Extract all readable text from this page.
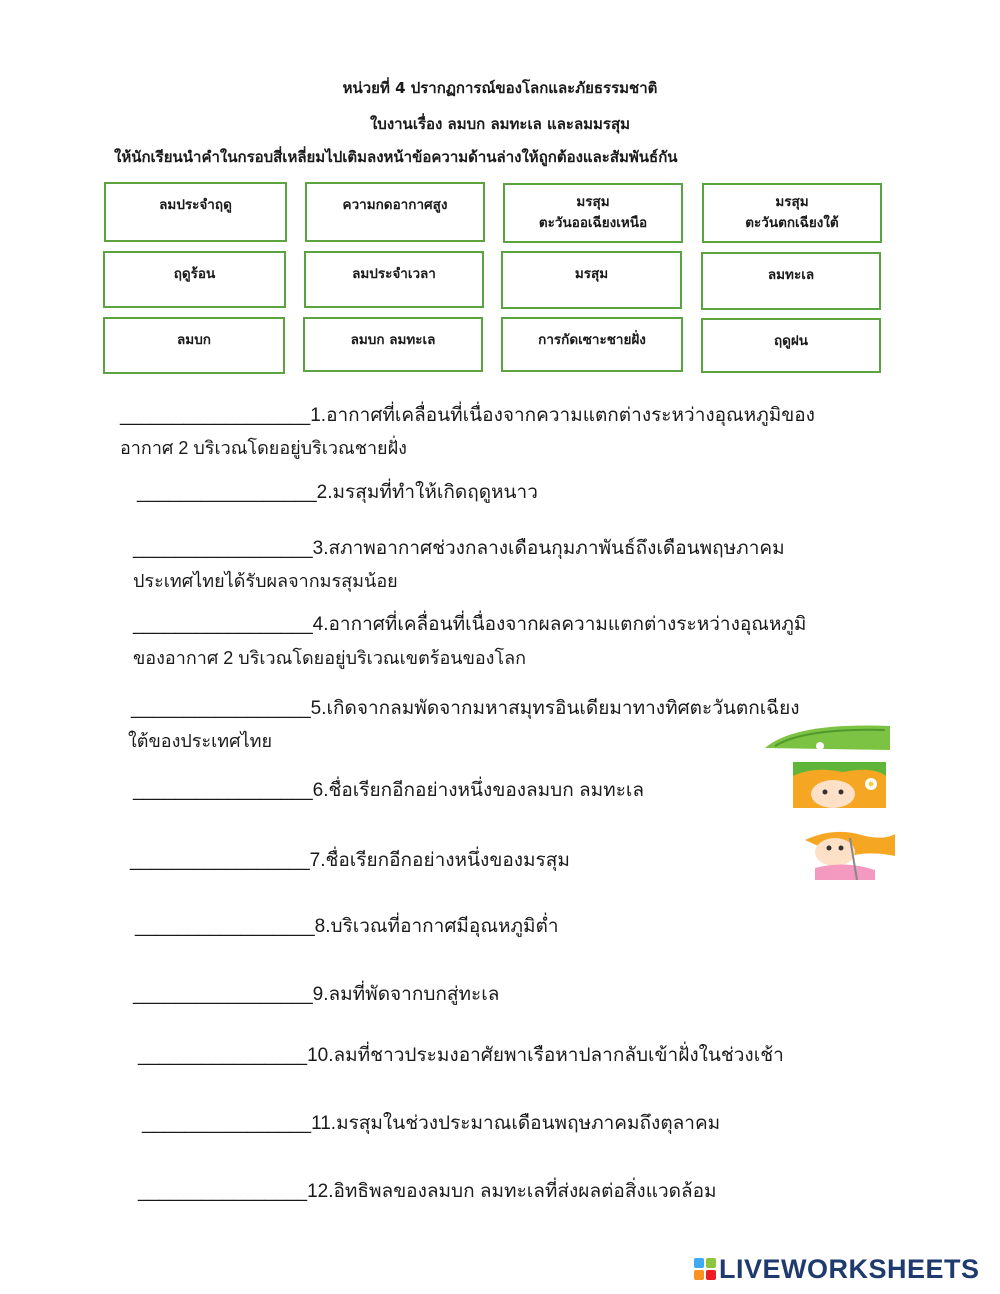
หน่วยที่ 4 ปรากฏการณ์ของโลกและภัยธรรมชาติ
ใบงานเรื่อง ลมบก ลมทะเล และลมมรสุม
ให้นักเรียนนำคำในกรอบสี่เหลี่ยมไปเติมลงหน้าข้อความด้านล่างให้ถูกต้องและสัมพันธ์กัน
ลมประจำฤดู	ความกดอากาศสูง	มรสุม
ตะวันออเฉียงเหนือ
มรสุม
ตะวันตกเฉียงใต้
ฤดูร้อน	ลมประจำเวลา	มรสุม	ลมทะเล
ลมบก	ลมบก ลมทะเล	การกัดเซาะชายฝั่ง	ฤดูฝน
__________________1.อากาศที่เคลื่อนที่เนื่องจากความแตกต่างระหว่างอุณหภูมิของ
อากาศ 2 บริเวณโดยอยู่บริเวณชายฝั่ง
_________________2.มรสุมที่ทำให้เกิดฤดูหนาว
_________________3.สภาพอากาศช่วงกลางเดือนกุมภาพันธ์ถึงเดือนพฤษภาคม
ประเทศไทยได้รับผลจากมรสุมน้อย
_________________4.อากาศที่เคลื่อนที่เนื่องจากผลความแตกต่างระหว่างอุณหภูมิ
ของอากาศ 2 บริเวณโดยอยู่บริเวณเขตร้อนของโลก
_________________5.เกิดจากลมพัดจากมหาสมุทรอินเดียมาทางทิศตะวันตกเฉียง
ใต้ของประเทศไทย
_________________6.ชื่อเรียกอีกอย่างหนึ่งของลมบก ลมทะเล
_________________7.ชื่อเรียกอีกอย่างหนึ่งของมรสุม
_________________8.บริเวณที่อากาศมีอุณหภูมิต่ำ
_________________9.ลมที่พัดจากบกสู่ทะเล
________________10.ลมที่ชาวประมงอาศัยพาเรือหาปลากลับเข้าฝั่งในช่วงเช้า
________________11.มรสุมในช่วงประมาณเดือนพฤษภาคมถึงตุลาคม
________________12.อิทธิพลของลมบก ลมทะเลที่ส่งผลต่อสิ่งแวดล้อม
LIVEWORKSHEETS
